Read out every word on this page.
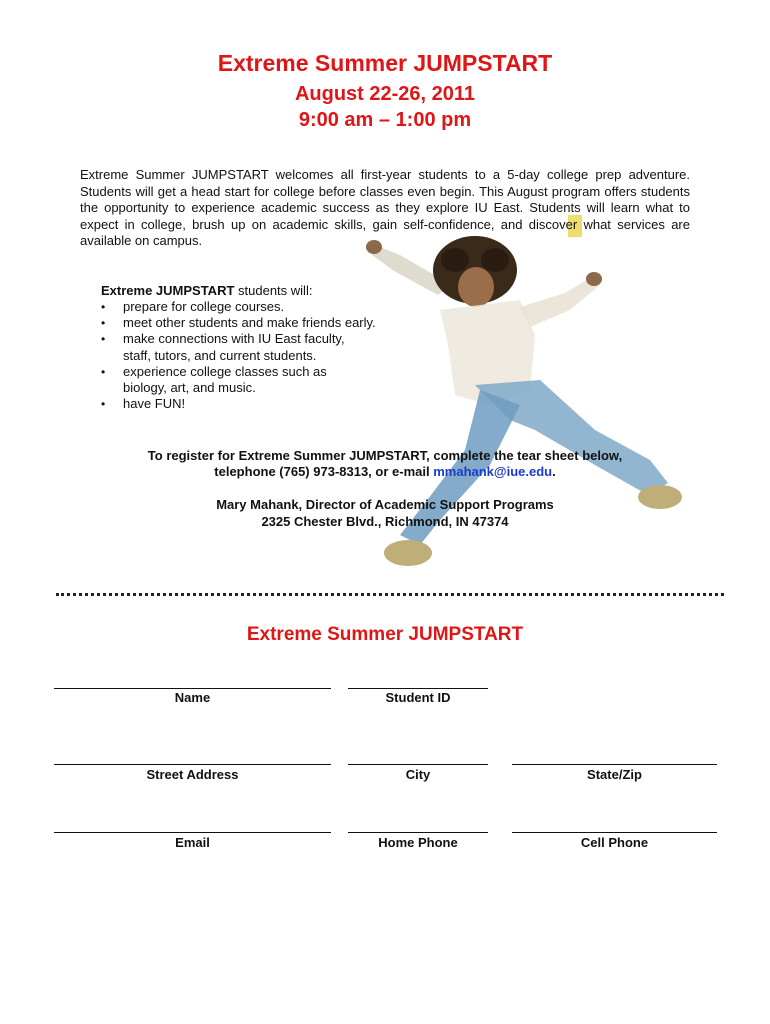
Extreme Summer JUMPSTART
August 22-26, 2011
9:00 am – 1:00 pm
Extreme Summer JUMPSTART welcomes all first-year students to a 5-day college prep adventure. Students will get a head start for college before classes even begin. This August program offers students the opportunity to experience academic success as they explore IU East. Students will learn what to expect in college, brush up on academic skills, gain self-confidence, and discover what services are available on campus.
Extreme JUMPSTART students will:
• prepare for college courses.
• meet other students and make friends early.
• make connections with IU East faculty, staff, tutors, and current students.
• experience college classes such as biology, art, and music.
• have FUN!
To register for Extreme Summer JUMPSTART, complete the tear sheet below,
telephone (765) 973-8313, or e-mail mmahank@iue.edu.
Mary Mahank, Director of Academic Support Programs
2325 Chester Blvd., Richmond, IN 47374
Extreme Summer JUMPSTART
Name	Student ID
Street Address	City	State/Zip
Email	Home Phone	Cell Phone
